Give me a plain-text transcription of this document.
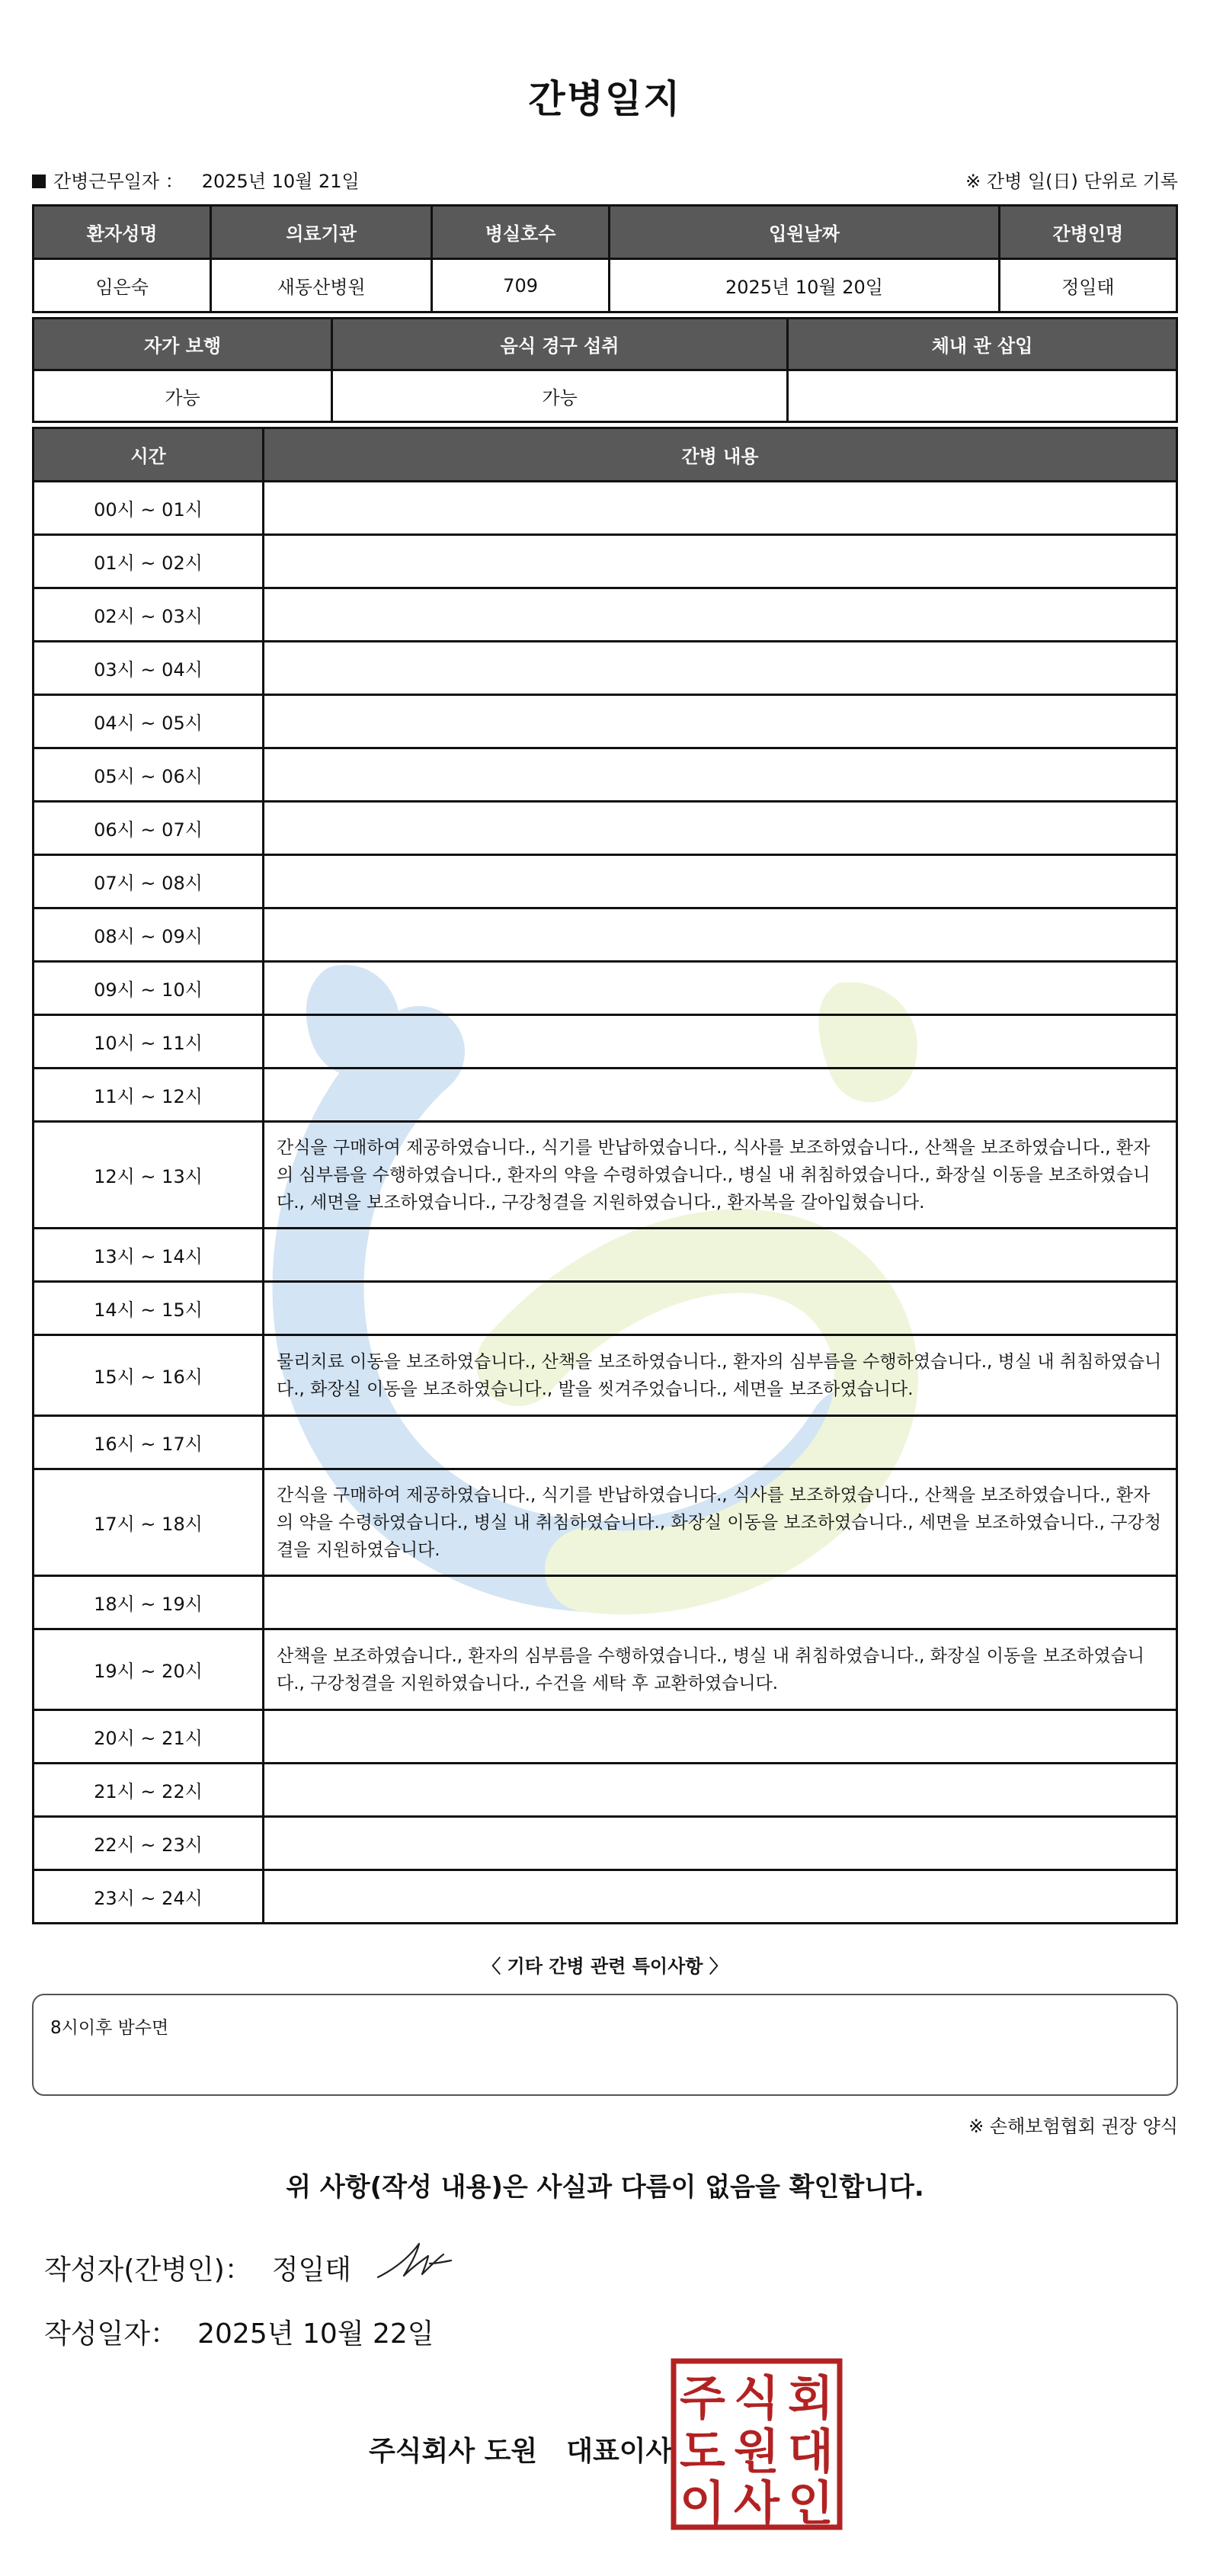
간병일지
간병근무일자 ： 2025년 10월 21일	※ 간병 일(日) 단위로 기록
환자성명	의료기관	병실호수	입원날짜	간병인명
임은숙	새동산병원	709	2025년 10월 20일	정일태
자가 보행	음식 경구 섭취	체내 관 삽입
가능	가능	
시간	간병 내용
00시 ~ 01시	
01시 ~ 02시	
02시 ~ 03시	
03시 ~ 04시	
04시 ~ 05시	
05시 ~ 06시	
06시 ~ 07시	
07시 ~ 08시	
08시 ~ 09시	
09시 ~ 10시	
10시 ~ 11시	
11시 ~ 12시	
12시 ~ 13시	간식을 구매하여 제공하였습니다., 식기를 반납하였습니다., 식사를 보조하였습니다., 산책을 보조하였습니다., 환자의 심부름을 수행하였습니다., 환자의 약을 수령하였습니다., 병실 내 취침하였습니다., 화장실 이동을 보조하였습니다., 세면을 보조하였습니다., 구강청결을 지원하였습니다., 환자복을 갈아입혔습니다.
13시 ~ 14시	
14시 ~ 15시	
15시 ~ 16시	물리치료 이동을 보조하였습니다., 산책을 보조하였습니다., 환자의 심부름을 수행하였습니다., 병실 내 취침하였습니다., 화장실 이동을 보조하였습니다., 발을 씻겨주었습니다., 세면을 보조하였습니다.
16시 ~ 17시	
17시 ~ 18시	간식을 구매하여 제공하였습니다., 식기를 반납하였습니다., 식사를 보조하였습니다., 산책을 보조하였습니다., 환자의 약을 수령하였습니다., 병실 내 취침하였습니다., 화장실 이동을 보조하였습니다., 세면을 보조하였습니다., 구강청결을 지원하였습니다.
18시 ~ 19시	
19시 ~ 20시	산책을 보조하였습니다., 환자의 심부름을 수행하였습니다., 병실 내 취침하였습니다., 화장실 이동을 보조하였습니다., 구강청결을 지원하였습니다., 수건을 세탁 후 교환하였습니다.
20시 ~ 21시	
21시 ~ 22시	
22시 ~ 23시	
23시 ~ 24시	
〈 기타 간병 관련 특이사항 〉
8시이후 밤수면
※ 손해보험협회 권장 양식
위 사항(작성 내용)은 사실과 다름이 없음을 확인합니다.
작성자(간병인)： 정일태
작성일자： 2025년 10월 22일
주식회사 도원 대표이사
주 식 회
도 원 대
이 사 인
